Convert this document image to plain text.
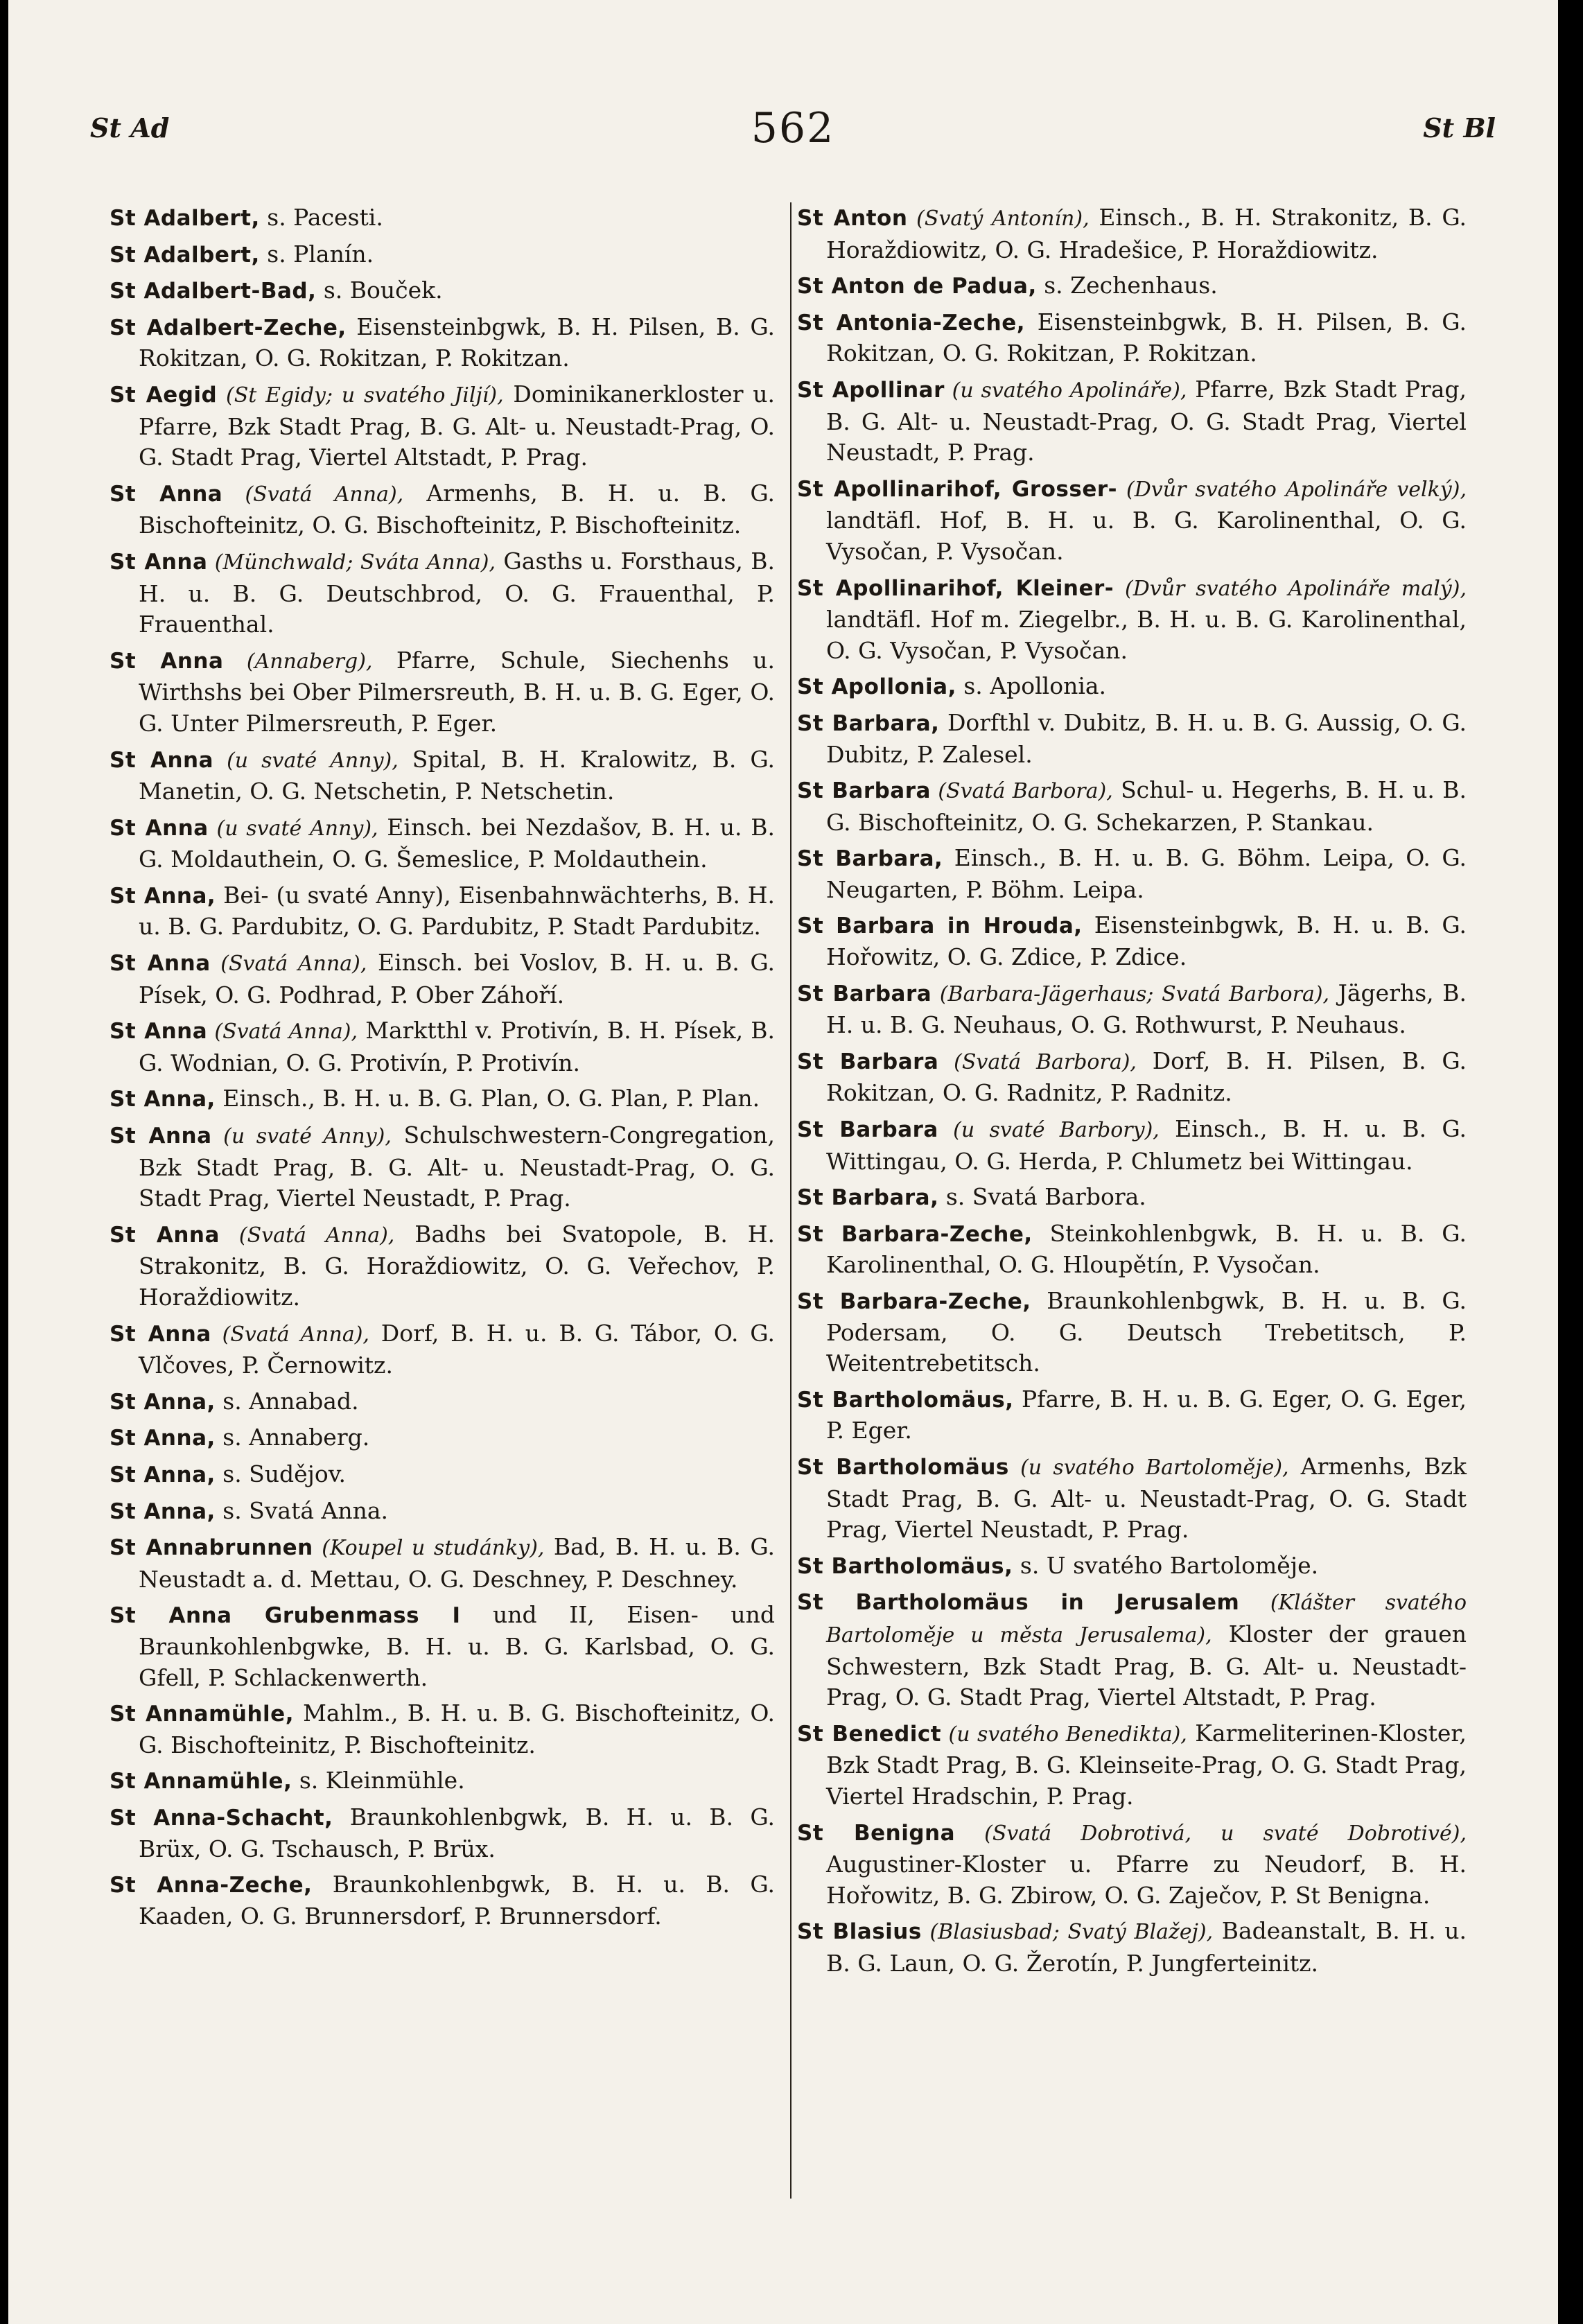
St Ad	562	St Bl

St Adalbert, s. Pacesti.

St Adalbert, s. Planín.

St Adalbert-Bad, s. Bouček.

St Adalbert-Zeche, Eisensteinbgwk, B. H. Pilsen, B. G. Rokitzan, O. G. Rokitzan, P. Rokitzan.

St Aegid (St Egidy; u svatého Jiljí), Dominikanerkloster u. Pfarre, Bzk Stadt Prag, B. G. Alt- u. Neustadt-Prag, O. G. Stadt Prag, Viertel Altstadt, P. Prag.

St Anna (Svatá Anna), Armenhs, B. H. u. B. G. Bischofteinitz, O. G. Bischofteinitz, P. Bischofteinitz.

St Anna (Münchwald; Sváta Anna), Gasths u. Forsthaus, B. H. u. B. G. Deutschbrod, O. G. Frauenthal, P. Frauenthal.

St Anna (Annaberg), Pfarre, Schule, Siechenhs u. Wirthshs bei Ober Pilmersreuth, B. H. u. B. G. Eger, O. G. Unter Pilmersreuth, P. Eger.

St Anna (u svaté Anny), Spital, B. H. Kralowitz, B. G. Manetin, O. G. Netschetin, P. Netschetin.

St Anna (u svaté Anny), Einsch. bei Nezdašov, B. H. u. B. G. Moldauthein, O. G. Šemeslice, P. Moldauthein.

St Anna, Bei- (u svaté Anny), Eisenbahnwächterhs, B. H. u. B. G. Pardubitz, O. G. Pardubitz, P. Stadt Pardubitz.

St Anna (Svatá Anna), Einsch. bei Voslov, B. H. u. B. G. Písek, O. G. Podhrad, P. Ober Záhoří.

St Anna (Svatá Anna), Marktthl v. Protivín, B. H. Písek, B. G. Wodnian, O. G. Protivín, P. Protivín.

St Anna, Einsch., B. H. u. B. G. Plan, O. G. Plan, P. Plan.

St Anna (u svaté Anny), Schulschwestern-Congregation, Bzk Stadt Prag, B. G. Alt- u. Neustadt-Prag, O. G. Stadt Prag, Viertel Neustadt, P. Prag.

St Anna (Svatá Anna), Badhs bei Svatopole, B. H. Strakonitz, B. G. Horaždiowitz, O. G. Veřechov, P. Horaždiowitz.

St Anna (Svatá Anna), Dorf, B. H. u. B. G. Tábor, O. G. Vlčoves, P. Černowitz.

St Anna, s. Annabad.

St Anna, s. Annaberg.

St Anna, s. Sudějov.

St Anna, s. Svatá Anna.

St Annabrunnen (Koupel u studánky), Bad, B. H. u. B. G. Neustadt a. d. Mettau, O. G. Deschney, P. Deschney.

St Anna Grubenmass I und II, Eisen- und Braunkohlenbgwke, B. H. u. B. G. Karlsbad, O. G. Gfell, P. Schlackenwerth.

St Annamühle, Mahlm., B. H. u. B. G. Bischofteinitz, O. G. Bischofteinitz, P. Bischofteinitz.

St Annamühle, s. Kleinmühle.

St Anna-Schacht, Braunkohlenbgwk, B. H. u. B. G. Brüx, O. G. Tschausch, P. Brüx.

St Anna-Zeche, Braunkohlenbgwk, B. H. u. B. G. Kaaden, O. G. Brunnersdorf, P. Brunnersdorf.

St Anton (Svatý Antonín), Einsch., B. H. Strakonitz, B. G. Horaždiowitz, O. G. Hradešice, P. Horaždiowitz.

St Anton de Padua, s. Zechenhaus.

St Antonia-Zeche, Eisensteinbgwk, B. H. Pilsen, B. G. Rokitzan, O. G. Rokitzan, P. Rokitzan.

St Apollinar (u svatého Apolináře), Pfarre, Bzk Stadt Prag, B. G. Alt- u. Neustadt-Prag, O. G. Stadt Prag, Viertel Neustadt, P. Prag.

St Apollinarihof, Grosser- (Dvůr svatého Apolináře velký), landtäfl. Hof, B. H. u. B. G. Karolinenthal, O. G. Vysočan, P. Vysočan.

St Apollinarihof, Kleiner- (Dvůr svatého Apolináře malý), landtäfl. Hof m. Ziegelbr., B. H. u. B. G. Karolinenthal, O. G. Vysočan, P. Vysočan.

St Apollonia, s. Apollonia.

St Barbara, Dorfthl v. Dubitz, B. H. u. B. G. Aussig, O. G. Dubitz, P. Zalesel.

St Barbara (Svatá Barbora), Schul- u. Hegerhs, B. H. u. B. G. Bischofteinitz, O. G. Schekarzen, P. Stankau.

St Barbara, Einsch., B. H. u. B. G. Böhm. Leipa, O. G. Neugarten, P. Böhm. Leipa.

St Barbara in Hrouda, Eisensteinbgwk, B. H. u. B. G. Hořowitz, O. G. Zdice, P. Zdice.

St Barbara (Barbara-Jägerhaus; Svatá Barbora), Jägerhs, B. H. u. B. G. Neuhaus, O. G. Rothwurst, P. Neuhaus.

St Barbara (Svatá Barbora), Dorf, B. H. Pilsen, B. G. Rokitzan, O. G. Radnitz, P. Radnitz.

St Barbara (u svaté Barbory), Einsch., B. H. u. B. G. Wittingau, O. G. Herda, P. Chlumetz bei Wittingau.

St Barbara, s. Svatá Barbora.

St Barbara-Zeche, Steinkohlenbgwk, B. H. u. B. G. Karolinenthal, O. G. Hloupětín, P. Vysočan.

St Barbara-Zeche, Braunkohlenbgwk, B. H. u. B. G. Podersam, O. G. Deutsch Trebetitsch, P. Weitentrebetitsch.

St Bartholomäus, Pfarre, B. H. u. B. G. Eger, O. G. Eger, P. Eger.

St Bartholomäus (u svatého Bartoloměje), Armenhs, Bzk Stadt Prag, B. G. Alt- u. Neustadt-Prag, O. G. Stadt Prag, Viertel Neustadt, P. Prag.

St Bartholomäus, s. U svatého Bartoloměje.

St Bartholomäus in Jerusalem (Klášter svatého Bartoloměje u města Jerusalema), Kloster der grauen Schwestern, Bzk Stadt Prag, B. G. Alt- u. Neustadt-Prag, O. G. Stadt Prag, Viertel Altstadt, P. Prag.

St Benedict (u svatého Benedikta), Karmeliterinen-Kloster, Bzk Stadt Prag, B. G. Kleinseite-Prag, O. G. Stadt Prag, Viertel Hradschin, P. Prag.

St Benigna (Svatá Dobrotivá, u svaté Dobrotivé), Augustiner-Kloster u. Pfarre zu Neudorf, B. H. Hořowitz, B. G. Zbirow, O. G. Zaječov, P. St Benigna.

St Blasius (Blasiusbad; Svatý Blažej), Badeanstalt, B. H. u. B. G. Laun, O. G. Žerotín, P. Jungferteinitz.
